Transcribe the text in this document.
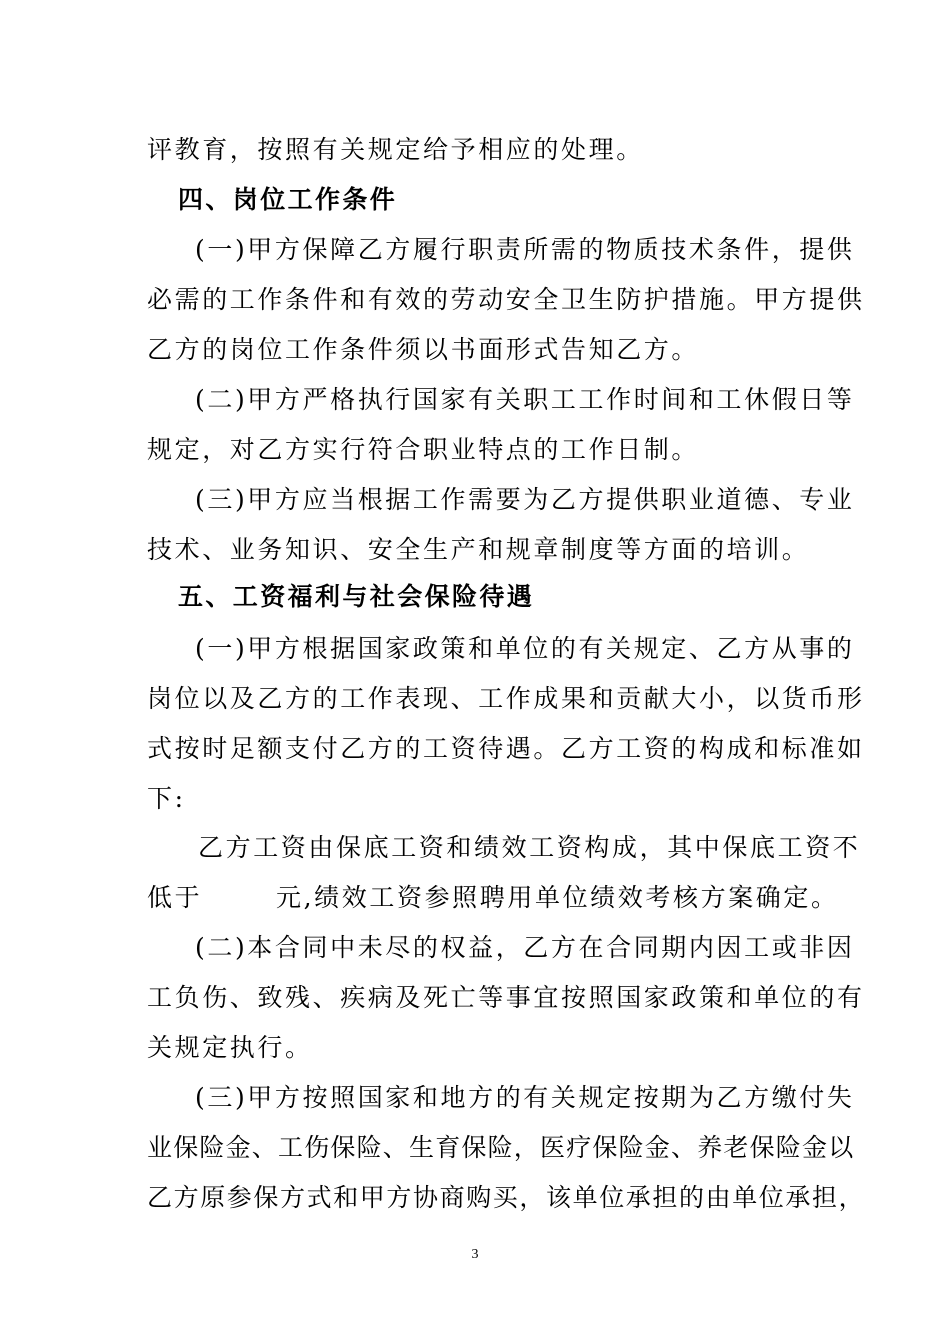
评教育，按照有关规定给予相应的处理。
四、岗位工作条件
(一)甲方保障乙方履行职责所需的物质技术条件，提供
必需的工作条件和有效的劳动安全卫生防护措施。甲方提供
乙方的岗位工作条件须以书面形式告知乙方。
(二)甲方严格执行国家有关职工工作时间和工休假日等
规定，对乙方实行符合职业特点的工作日制。
(三)甲方应当根据工作需要为乙方提供职业道德、专业
技术、业务知识、安全生产和规章制度等方面的培训。
五、工资福利与社会保险待遇
(一)甲方根据国家政策和单位的有关规定、乙方从事的
岗位以及乙方的工作表现、工作成果和贡献大小，以货币形
式按时足额支付乙方的工资待遇。乙方工资的构成和标准如
下:
乙方工资由保底工资和绩效工资构成，其中保底工资不
低于       元,绩效工资参照聘用单位绩效考核方案确定。
(二)本合同中未尽的权益，乙方在合同期内因工或非因
工负伤、致残、疾病及死亡等事宜按照国家政策和单位的有
关规定执行。
(三)甲方按照国家和地方的有关规定按期为乙方缴付失
业保险金、工伤保险、生育保险，医疗保险金、养老保险金以
乙方原参保方式和甲方协商购买，该单位承担的由单位承担，
3
